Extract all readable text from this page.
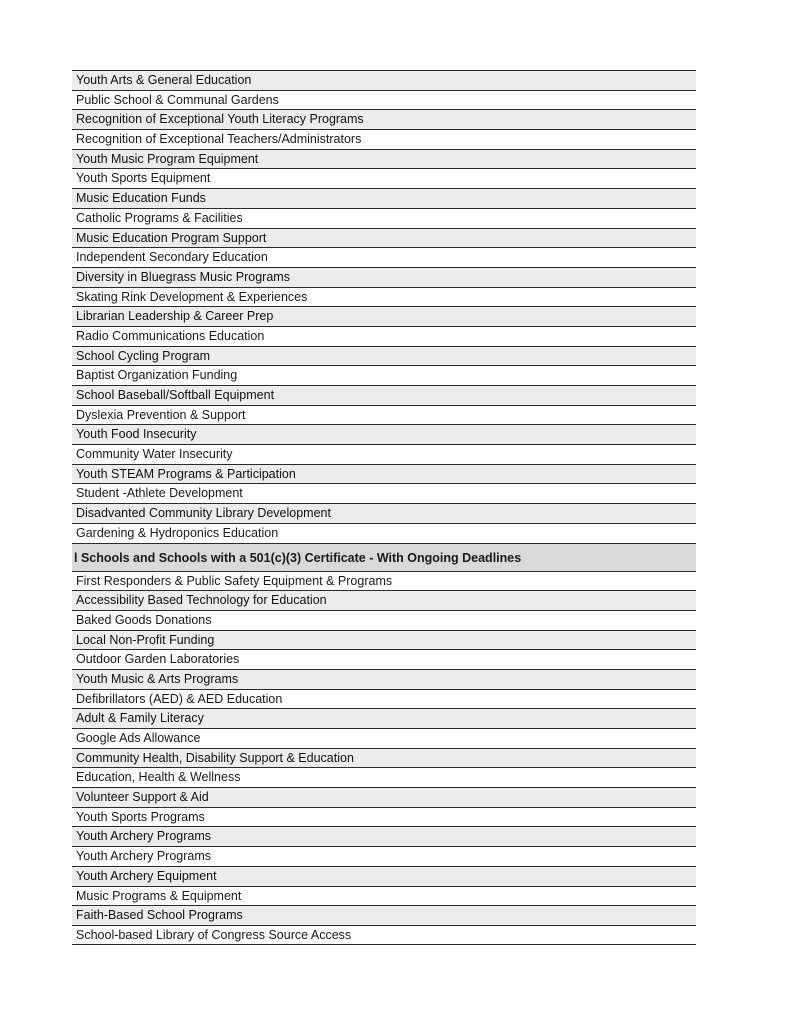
Youth Arts & General Education
Public School & Communal Gardens
Recognition of Exceptional Youth Literacy Programs
Recognition of Exceptional Teachers/Administrators
Youth Music Program Equipment
Youth Sports Equipment
Music Education Funds
Catholic Programs & Facilities
Music Education Program Support
Independent Secondary Education
Diversity in Bluegrass Music Programs
Skating Rink Development & Experiences
Librarian Leadership & Career Prep
Radio Communications Education
School Cycling Program
Baptist Organization Funding
School Baseball/Softball Equipment
Dyslexia Prevention & Support
Youth Food Insecurity
Community Water Insecurity
Youth STEAM Programs & Participation
Student -Athlete Development
Disadvanted Community Library Development
Gardening & Hydroponics Education
l Schools and Schools with a 501(c)(3) Certificate - With Ongoing Deadlines
First Responders & Public Safety Equipment & Programs
Accessibility Based Technology for Education
Baked Goods Donations
Local Non-Profit Funding
Outdoor Garden Laboratories
Youth Music & Arts Programs
Defibrillators (AED) & AED Education
Adult & Family Literacy
Google Ads Allowance
Community Health, Disability Support & Education
Education, Health & Wellness
Volunteer Support & Aid
Youth Sports Programs
Youth Archery Programs
Youth Archery Programs
Youth Archery Equipment
Music Programs & Equipment
Faith-Based School Programs
School-based Library of Congress Source Access
